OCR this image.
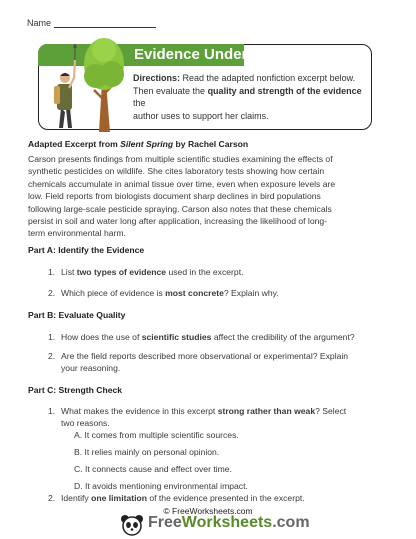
Name
Evidence Under Scrutiny
Directions: Read the adapted nonfiction excerpt below.
Then evaluate the quality and strength of the evidence the
author uses to support her claims.
Adapted Excerpt from Silent Spring by Rachel Carson
Carson presents findings from multiple scientific studies examining the effects of
synthetic pesticides on wildlife. She cites laboratory tests showing how certain
chemicals accumulate in animal tissue over time, even when exposure levels are
low. Field reports from biologists document sharp declines in bird populations
following large-scale pesticide spraying. Carson also notes that these chemicals
persist in soil and water long after application, increasing the likelihood of long-
term environmental harm.
Part A: Identify the Evidence
1. List two types of evidence used in the excerpt.
2. Which piece of evidence is most concrete? Explain why.
Part B: Evaluate Quality
1. How does the use of scientific studies affect the credibility of the argument?
2. Are the field reports described more observational or experimental? Explain
your reasoning.
Part C: Strength Check
1. What makes the evidence in this excerpt strong rather than weak? Select
two reasons.
A. It comes from multiple scientific sources.
B. It relies mainly on personal opinion.
C. It connects cause and effect over time.
D. It avoids mentioning environmental impact.
2. Identify one limitation of the evidence presented in the excerpt.
© FreeWorksheets.com
FreeWorksheets.com
